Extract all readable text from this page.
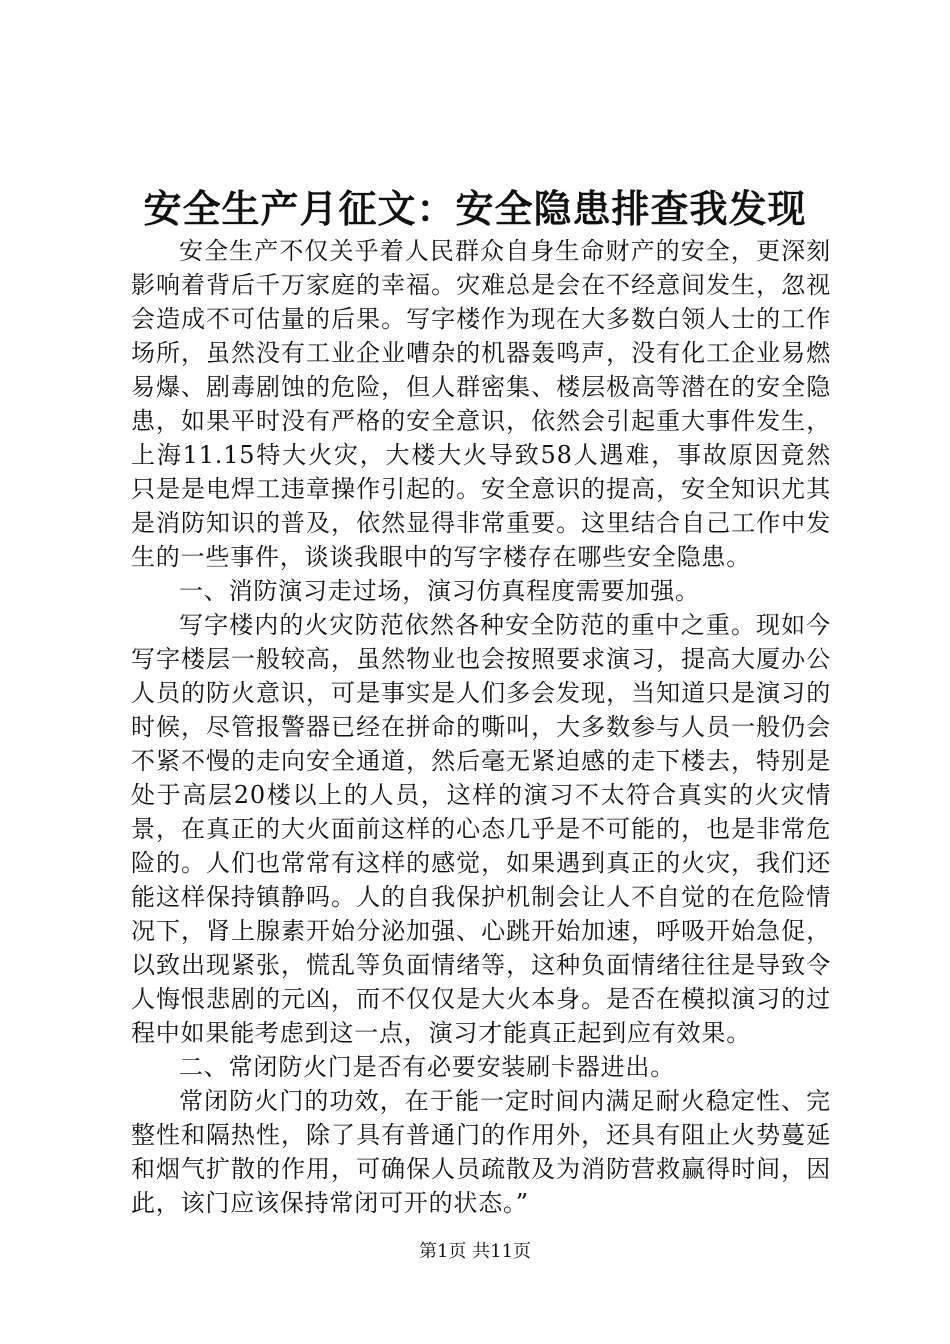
安全生产月征文：安全隐患排查我发现

安全生产不仅关乎着人民群众自身生命财产的安全，更深刻影响着背后千万家庭的幸福。灾难总是会在不经意间发生，忽视会造成不可估量的后果。写字楼作为现在大多数白领人士的工作场所，虽然没有工业企业嘈杂的机器轰鸣声，没有化工企业易燃易爆、剧毒剧蚀的危险，但人群密集、楼层极高等潜在的安全隐患，如果平时没有严格的安全意识，依然会引起重大事件发生，上海11.15特大火灾，大楼大火导致58人遇难，事故原因竟然只是是电焊工违章操作引起的。安全意识的提高，安全知识尤其是消防知识的普及，依然显得非常重要。这里结合自己工作中发生的一些事件，谈谈我眼中的写字楼存在哪些安全隐患。

一、消防演习走过场，演习仿真程度需要加强。

写字楼内的火灾防范依然各种安全防范的重中之重。现如今写字楼层一般较高，虽然物业也会按照要求演习，提高大厦办公人员的防火意识，可是事实是人们多会发现，当知道只是演习的时候，尽管报警器已经在拼命的嘶叫，大多数参与人员一般仍会不紧不慢的走向安全通道，然后毫无紧迫感的走下楼去，特别是处于高层20楼以上的人员，这样的演习不太符合真实的火灾情景，在真正的大火面前这样的心态几乎是不可能的，也是非常危险的。人们也常常有这样的感觉，如果遇到真正的火灾，我们还能这样保持镇静吗。人的自我保护机制会让人不自觉的在危险情况下，肾上腺素开始分泌加强、心跳开始加速，呼吸开始急促，以致出现紧张，慌乱等负面情绪等，这种负面情绪往往是导致令人悔恨悲剧的元凶，而不仅仅是大火本身。是否在模拟演习的过程中如果能考虑到这一点，演习才能真正起到应有效果。

二、常闭防火门是否有必要安装刷卡器进出。

常闭防火门的功效，在于能一定时间内满足耐火稳定性、完整性和隔热性，除了具有普通门的作用外，还具有阻止火势蔓延和烟气扩散的作用，可确保人员疏散及为消防营救赢得时间，因此，该门应该保持常闭可开的状态。”

第1页 共11页
